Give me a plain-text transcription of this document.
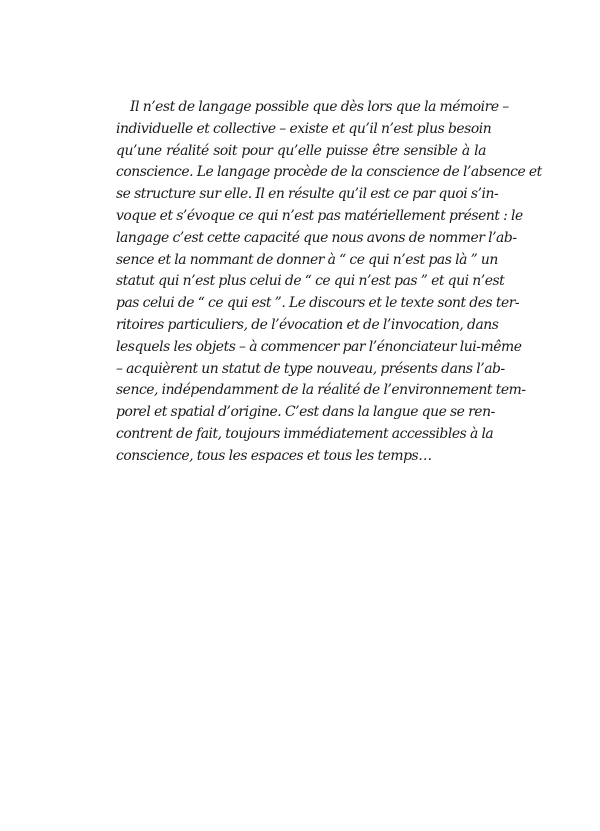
Il n’est de langage possible que dès lors que la mémoire –
individuelle et collective – existe et qu’il n’est plus besoin
qu’une réalité soit pour qu’elle puisse être sensible à la
conscience. Le langage procède de la conscience de l’absence et
se structure sur elle. Il en résulte qu’il est ce par quoi s’in-
voque et s’évoque ce qui n’est pas matériellement présent : le
langage c’est cette capacité que nous avons de nommer l’ab-
sence et la nommant de donner à “ ce qui n’est pas là ” un
statut qui n’est plus celui de “ ce qui n’est pas ” et qui n’est
pas celui de “ ce qui est ”. Le discours et le texte sont des ter-
ritoires particuliers, de l’évocation et de l’invocation, dans
lesquels les objets – à commencer par l’énonciateur lui-même
– acquièrent un statut de type nouveau, présents dans l’ab-
sence, indépendamment de la réalité de l’environnement tem-
porel et spatial d’origine. C’est dans la langue que se ren-
contrent de fait, toujours immédiatement accessibles à la
conscience, tous les espaces et tous les temps…
